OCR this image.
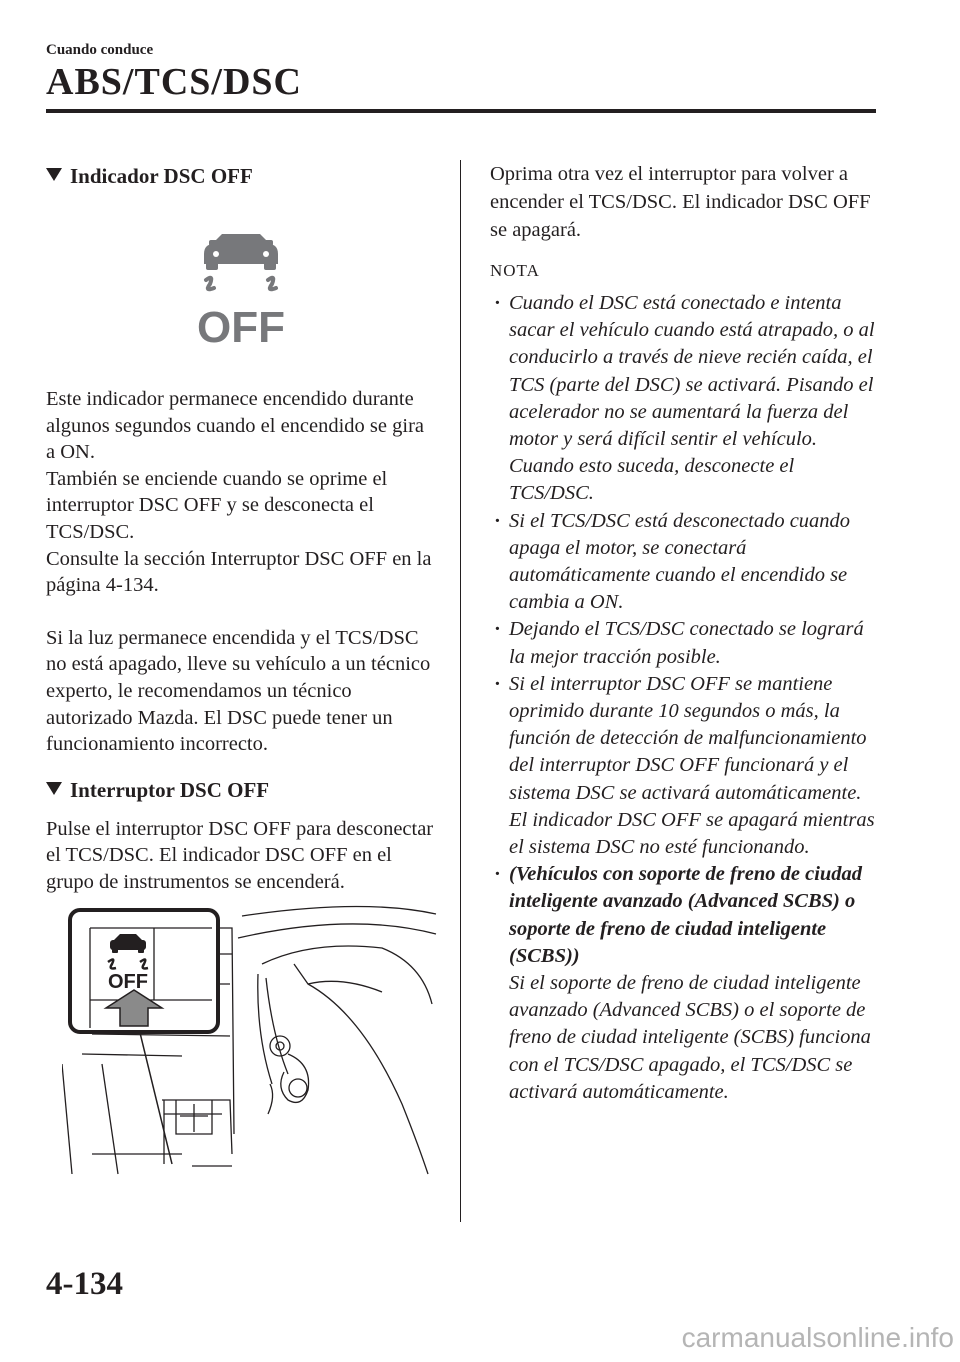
Cuando conduce
ABS/TCS/DSC
Indicador DSC OFF
OFF

Este indicador permanece encendido durante algunos segundos cuando el encendido se gira a ON.

También se enciende cuando se oprime el interruptor DSC OFF y se desconecta el TCS/DSC.

Consulte la sección Interruptor DSC OFF en la página 4-134.

Si la luz permanece encendida y el TCS/DSC no está apagado, lleve su vehículo a un técnico experto, le recomendamos un técnico autorizado Mazda. El DSC puede tener un funcionamiento incorrecto.

Interruptor DSC OFF

Pulse el interruptor DSC OFF para desconectar el TCS/DSC. El indicador DSC OFF en el grupo de instrumentos se encenderá.

OFF

Oprima otra vez el interruptor para volver a encender el TCS/DSC. El indicador DSC OFF se apagará.

NOTA
· Cuando el DSC está conectado e intenta sacar el vehículo cuando está atrapado, o al conducirlo a través de nieve recién caída, el TCS (parte del DSC) se activará. Pisando el acelerador no se aumentará la fuerza del motor y será difícil sentir el vehículo. Cuando esto suceda, desconecte el TCS/DSC.
· Si el TCS/DSC está desconectado cuando apaga el motor, se conectará automáticamente cuando el encendido se cambia a ON.
· Dejando el TCS/DSC conectado se logrará la mejor tracción posible.
· Si el interruptor DSC OFF se mantiene oprimido durante 10 segundos o más, la función de detección de malfuncionamiento del interruptor DSC OFF funcionará y el sistema DSC se activará automáticamente. El indicador DSC OFF se apagará mientras el sistema DSC no esté funcionando.
· (Vehículos con soporte de freno de ciudad inteligente avanzado (Advanced SCBS) o soporte de freno de ciudad inteligente (SCBS))
Si el soporte de freno de ciudad inteligente avanzado (Advanced SCBS) o el soporte de freno de ciudad inteligente (SCBS) funciona con el TCS/DSC apagado, el TCS/DSC se activará automáticamente.
4-134
carmanualsonline.info
